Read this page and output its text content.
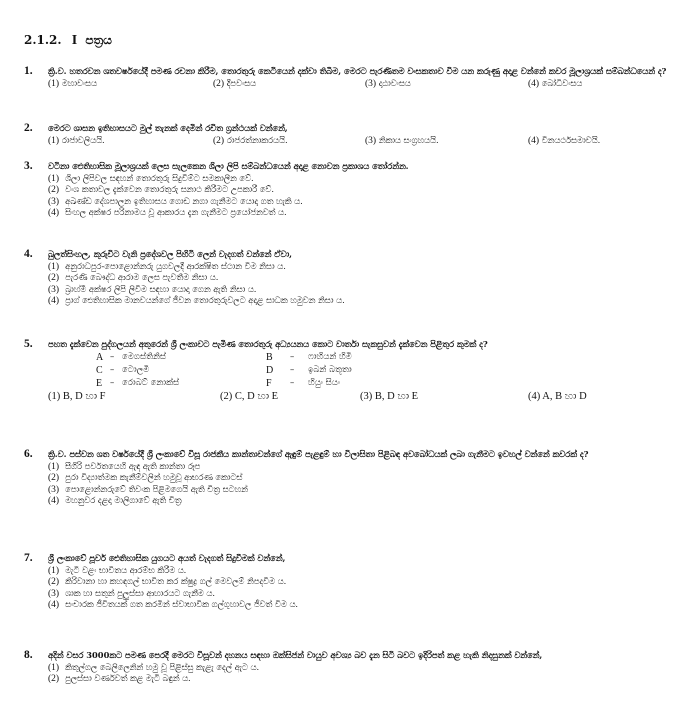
2.1.2. I පත්‍රය
1. ක්‍රි.ව. හතරවන ශතවර්ෂයේදී පමණ රචනා කිරීම, තොරතුරු කෙටියෙන් දක්වා තිබීම, මෙරට පැරණිතම වංසකතාව විම යන කරුණු අදාළ වන්නේ කවර මූලාශ්‍රයක් සම්බන්ධයෙන් ද?
(1) මහාවංසය	(2) දීපවංසය	(3) දාඨාවංසය	(4) බෝධිවංසය
2. මෙරට ශාසන ඉතිහාසයට මුල් තැනක් දෙමින් රචිත ග්‍රන්ථයක් වන්නේ,
(1) රාජාවලියයි.	(2) රාජරත්නාකරයයි.	(3) නිකාය සංග්‍රහයයි.	(4) විනයර්ථසමාවයි.
3. වටිනා ඓතිහාසික මූලාශ්‍රයක් ලෙස සැලකෙන ශිලා ලිපි සම්බන්ධයෙන් අදාළ නොවන ප්‍රකාශය තෝරන්න.
(1) ශිලා ලිපිවල සඳහන් තොරතුරු සිදුවීම්ට සමකාලීන වේ.
(2) වංශ කතාවල දැක්වෙන තොරතුරු සනාථ කිරීමට උපකාරී වේ.
(3) අඛණ්ඩ දේශපාලන ඉතිහාසය ගොඩ නගා ගැනීමට යොදා ගත හැකි ය.
(4) සිංහල අක්ෂර පරිනාමය වූ ආකාරය දැන ගැනීමට ප්‍රයෝජනවත් ය.
4. බුලත්සිංහල, කුරුවිට වැනි ප්‍රදේශවල පිහිටි ලෙන් වැදගත් වන්නේ ඒවා,
(1) අනුරාධපුර-පොළොන්නරු යුගවලදී ආරක්ෂිත ස්ථාන විම නිසා ය.
(2) පැරණි බෞද්ධ ආරාම ලෙස පැවතීම නිසා ය.
(3) බ්‍රාහ්මී අක්ෂර ලිපි ලිවීම සඳහා යොදා ගෙන ඇති නිසා ය.
(4) ප්‍රාග් ඓතිහාසික මානවයන්ගේ ජීවන තොරතුරුවලට අදාළ සාධක හමුවන නිසා ය.
5. පහත දැක්වෙන පුද්ගලයන් අතුරෙන් ශ්‍රී ලංකාවට පැමිණ තොරතුරු අධ්‍යයනය කොට වාර්තා සැකසුවන් දැක්වෙන පිළිතුර කුමක් ද?
A – මෙගස්තිනිස්	B – ෆාහියන් හිමි
C – ටොලමි	D – ඉබන් බතූතා
E – රොබට් නොක්ස්	F – හියුං සියං
(1) B, D හා F	(2) C, D හා E	(3) B, D හා E	(4) A, B හා D
6. ක්‍රි.ව. පස්වන ශත වර්ෂයේදී ශ්‍රී ලංකාවේ විසූ රාජකීය කාන්තාවන්ගේ ඇඳුම් පැළඳුම් හා විලාසිතා පිළිබඳ අවබෝධයක් ලබා ගැනීමට ඉවහල් වන්නේ කවරක් ද?
(1) සීගිරි පර්වතයෙහි ඇඳ ඇති කාන්තා රූප
(2) පුරා විද්‍යාත්මක කැනීම්වලින් හමුවූ ආභරණ කොටස්
(3) පොළොන්නරුවේ තිවංක පිළිමගෙයි ඇති චිත්‍ර සටහන්
(4) මහනුවර දළදා මාලිගාවේ ඇති චිත්‍ර
7. ශ්‍රී ලංකාවේ පූර්ව ඓතිහාසික යුගයට අයත් වැදගත් සිදුවීමක් වන්නේ,
(1) මැටි වළං භාවිතය ආරම්භ කිරීම ය.
(2) කිරිවානා හා කහඳගල් භාවිත කර ක්ෂුද්‍ර ගල් මෙවලම් නිපදවීම ය.
(3) ශාක හා සතුන් පුලුස්සා ආහාරයට ගැනීම ය.
(4) සංචාරක ජීවිතයක් ගත කරමින් ස්වාභාවික ගල්ගුහාවල ජීවත් විම ය.
8. අදින් වසර 3000කට පමණ පෙරදී මෙරට විසූවන් දහනය සඳහා ඔක්සිජන් වායුව අවශ්‍ය බව දැන සිටි බවට ඉදිරිපත් කළ හැකි නිදසුනක් වන්නේ,
(1) කිතුල්ගල බෙලිලෙනින් හමු වූ පිළිස්සු කැළැ දෙල් ඇට ය.
(2) පුලස්සා වර්ණවත් කළ මැටි බඳුන් ය.
